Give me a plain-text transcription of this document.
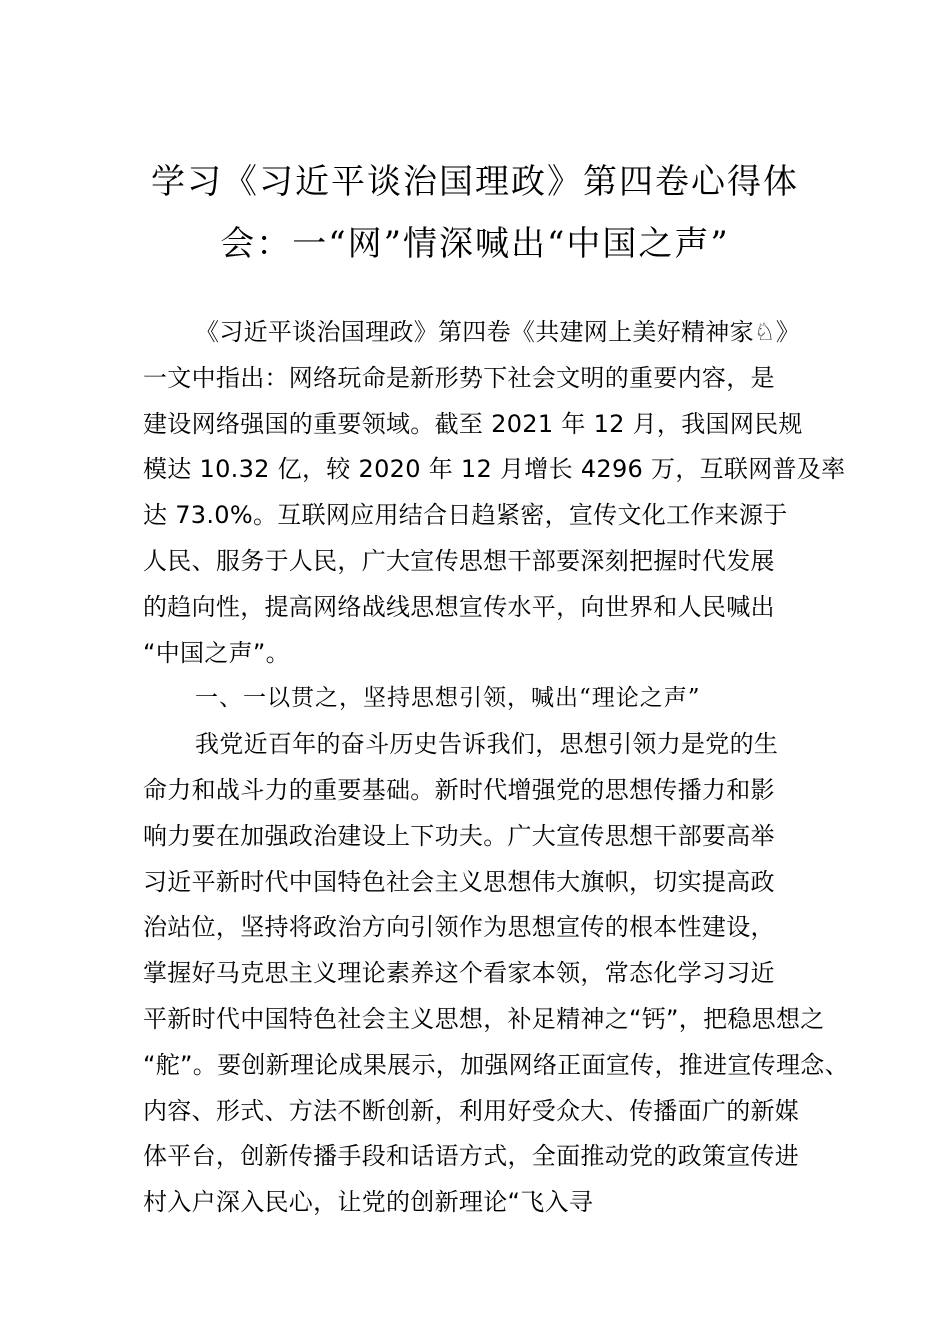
学习《习近平谈治国理政》第四卷心得体
会：一“网”情深喊出“中国之声”

《习近平谈治国理政》第四卷《共建网上美好精神家♘》

一文中指出：网络玩命是新形势下社会文明的重要内容，是

建设网络强国的重要领域。截至 2021 年 12 月，我国网民规

模达 10.32 亿，较 2020 年 12 月增长 4296 万，互联网普及率

达 73.0%。互联网应用结合日趋紧密，宣传文化工作来源于

人民、服务于人民，广大宣传思想干部要深刻把握时代发展

的趋向性，提高网络战线思想宣传水平，向世界和人民喊出

“中国之声”。

一、一以贯之，坚持思想引领，喊出“理论之声”

我党近百年的奋斗历史告诉我们，思想引领力是党的生

命力和战斗力的重要基础。新时代增强党的思想传播力和影

响力要在加强政治建设上下功夫。广大宣传思想干部要高举

习近平新时代中国特色社会主义思想伟大旗帜，切实提高政

治站位，坚持将政治方向引领作为思想宣传的根本性建设，

掌握好马克思主义理论素养这个看家本领，常态化学习习近

平新时代中国特色社会主义思想，补足精神之“钙”，把稳思想之

“舵”。要创新理论成果展示，加强网络正面宣传，推进宣传理念、

内容、形式、方法不断创新，利用好受众大、传播面广的新媒

体平台，创新传播手段和话语方式，全面推动党的政策宣传进

村入户深入民心，让党的创新理论“飞入寻
